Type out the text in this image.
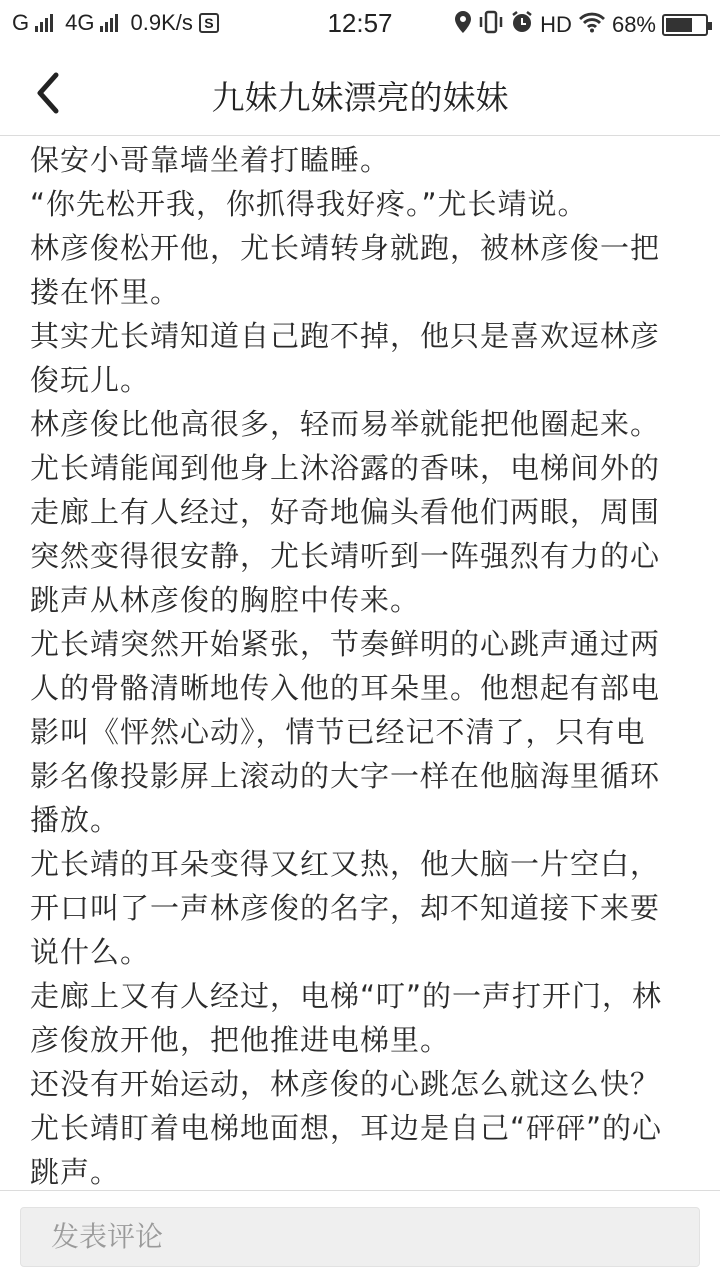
G 4G 0.9K/s S	12:57	HD 68%
九妹九妹漂亮的妹妹

保安小哥靠墙坐着打瞌睡。

“你先松开我，你抓得我好疼。”尤长靖说。

林彦俊松开他，尤长靖转身就跑，被林彦俊一把搂在怀里。

其实尤长靖知道自己跑不掉，他只是喜欢逗林彦俊玩儿。

林彦俊比他高很多，轻而易举就能把他圈起来。尤长靖能闻到他身上沐浴露的香味，电梯间外的走廊上有人经过，好奇地偏头看他们两眼，周围突然变得很安静，尤长靖听到一阵强烈有力的心跳声从林彦俊的胸腔中传来。

尤长靖突然开始紧张，节奏鲜明的心跳声通过两人的骨骼清晰地传入他的耳朵里。他想起有部电影叫《怦然心动》，情节已经记不清了，只有电影名像投影屏上滚动的大字一样在他脑海里循环播放。

尤长靖的耳朵变得又红又热，他大脑一片空白，开口叫了一声林彦俊的名字，却不知道接下来要说什么。

走廊上又有人经过，电梯“叮”的一声打开门，林彦俊放开他，把他推进电梯里。

还没有开始运动，林彦俊的心跳怎么就这么快？尤长靖盯着电梯地面想，耳边是自己“砰砰”的心跳声。

发表评论
